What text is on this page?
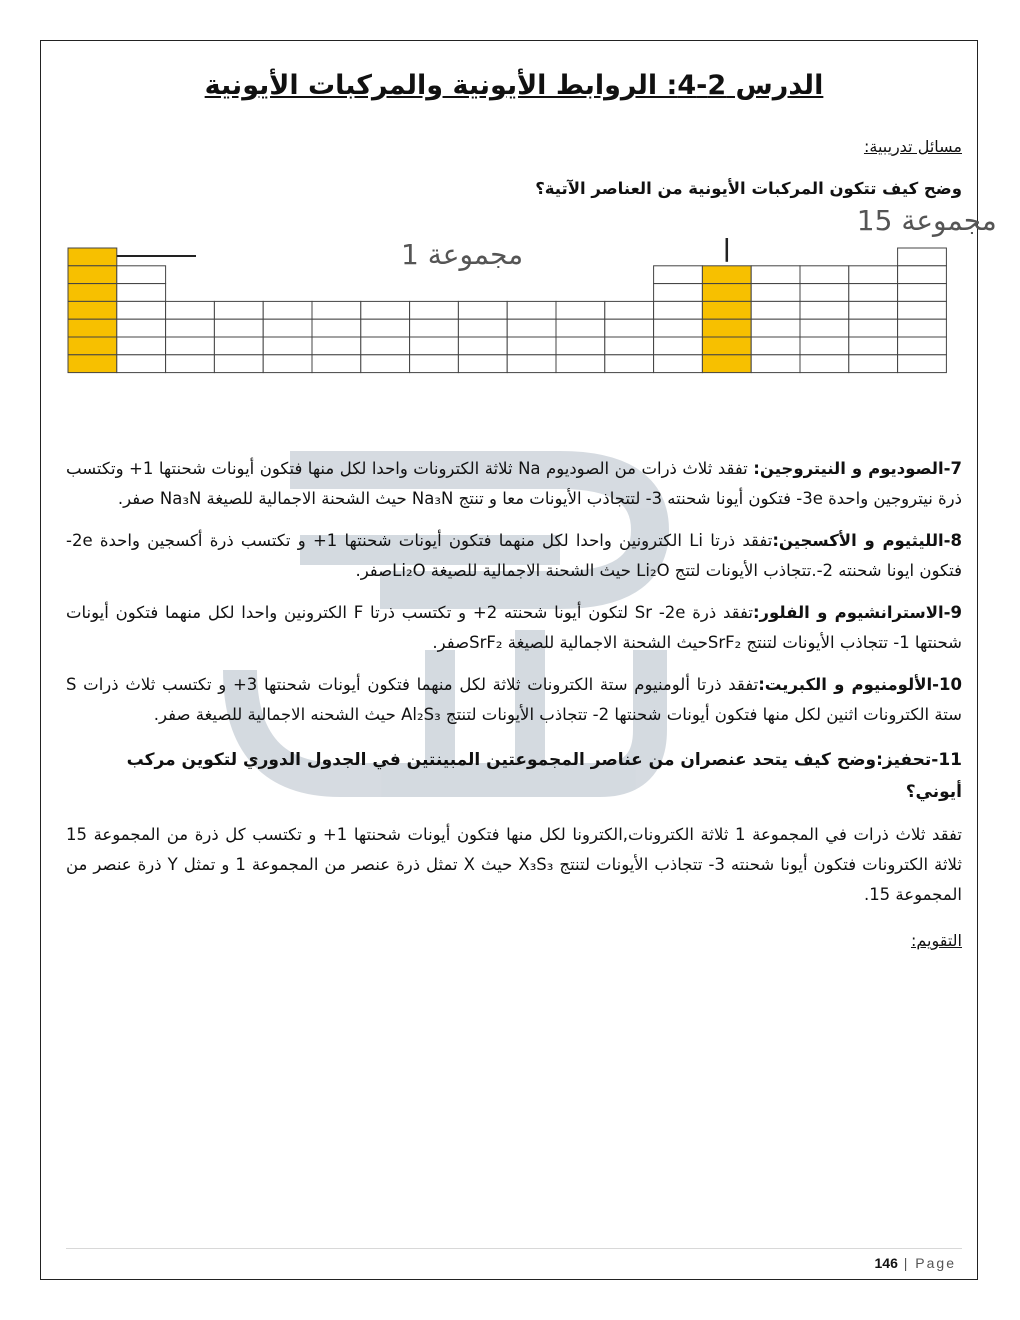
الدرس 2-4: الروابط الأيونية والمركبات الأيونية
مسائل تدريبية:
وضح كيف تتكون المركبات الأيونية من العناصر الآتية؟
مجموعة 1
مجموعة 15
7-الصوديوم و النيتروجين: تفقد ثلاث ذرات من الصوديوم Na ثلاثة الكترونات واحدا لكل منها فتكون أيونات شحنتها 1+ وتكتسب ذرة نيتروجين واحدة 3e- فتكون أيونا شحنته 3- لتتجاذب الأيونات معا و تنتج Na₃N حيث الشحنة الاجمالية للصيغة Na₃N صفر.
8-الليثيوم و الأكسجين:تفقد ذرتا Li الكترونين واحدا لكل منهما فتكون أيونات شحنتها 1+ و تكتسب ذرة أكسجين واحدة 2e- فتكون ايونا شحنته 2-.تتجاذب الأيونات لتتج Li₂O حيث الشحنة الاجمالية للصيغة Li₂Oصفر.
9-الاسترانشيوم و الفلور:تفقد ذرة Sr -2e لتكون أيونا شحنته 2+ و تكتسب ذرتا F الكترونين واحدا لكل منهما فتكون أيونات شحنتها 1- تتجاذب الأيونات لتنتج SrF₂حيث الشحنة الاجمالية للصيغة SrF₂صفر.
10-الألومنيوم و الكبريت:تفقد ذرتا ألومنيوم ستة الكترونات ثلاثة لكل منهما فتكون أيونات شحنتها 3+ و تكتسب ثلاث ذرات S ستة الكترونات اثنين لكل منها فتكون أيونات شحنتها 2- تتجاذب الأيونات لتنتج Al₂S₃ حيث الشحنه الاجمالية للصيغة صفر.
11-تحفيز:وضح كيف يتحد عنصران من عناصر المجموعتين المبينتين في الجدول الدوري لتكوين مركب أيوني؟
تفقد ثلاث ذرات في المجموعة 1 ثلاثة الكترونات,الكترونا لكل منها فتكون أيونات شحنتها 1+ و تكتسب كل ذرة من المجموعة 15 ثلاثة الكترونات فتكون أيونا شحنته 3- تتجاذب الأيونات لتنتج X₃S₃ حيث X تمثل ذرة عنصر من المجموعة 1 و تمثل Y ذرة عنصر من المجموعة 15.
التقويم:
146 | Page
